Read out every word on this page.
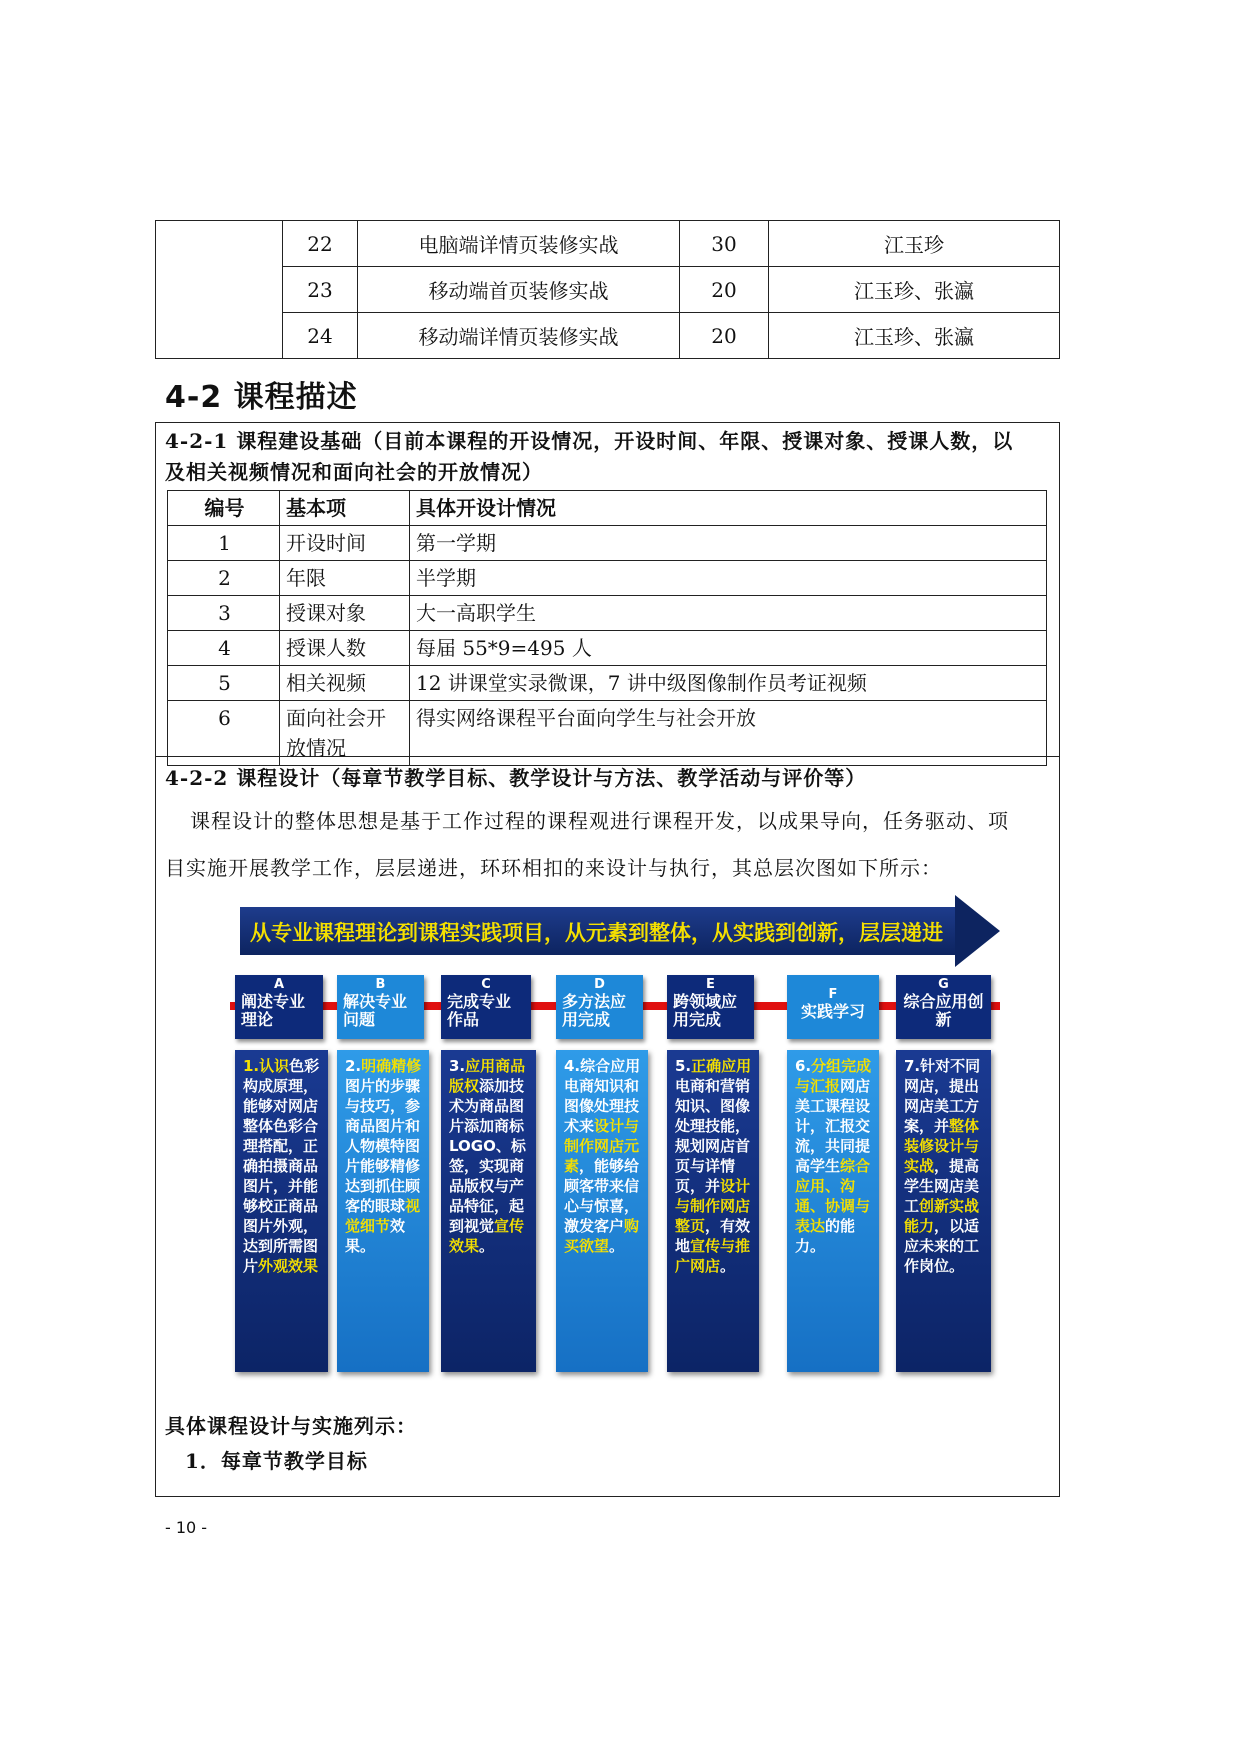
	22	电脑端详情页装修实战	30	江玉珍
	23	移动端首页装修实战	20	江玉珍、张瀛
	24	移动端详情页装修实战	20	江玉珍、张瀛
4-2 课程描述
4-2-1 课程建设基础（目前本课程的开设情况，开设时间、年限、授课对象、授课人数，以
及相关视频情况和面向社会的开放情况）
编号	基本项	具体开设计情况
1	开设时间	第一学期
2	年限	半学期
3	授课对象	大一高职学生
4	授课人数	每届 55*9=495 人
5	相关视频	12 讲课堂实录微课，7 讲中级图像制作员考证视频
6	面向社会开放情况	得实网络课程平台面向学生与社会开放
4-2-2 课程设计（每章节教学目标、教学设计与方法、教学活动与评价等）
课程设计的整体思想是基于工作过程的课程观进行课程开发，以成果导向，任务驱动、项
目实施开展教学工作，层层递进，环环相扣的来设计与执行，其总层次图如下所示：
从专业课程理论到课程实践项目，从元素到整体，从实践到创新，层层递进
A
阐述专业理论
B
解决专业问题
C
完成专业作品
D
多方法应用完成
E
跨领域应用完成
F
实践学习
G
综合应用创新
1.认识色彩构成原理，能够对网店整体色彩合理搭配，正确拍摄商品图片，并能够校正商品图片外观，达到所需图片外观效果
2.明确精修图片的步骤与技巧，参商品图片和人物模特图片能够精修达到抓住顾客的眼球视觉细节效果。
3.应用商品版权添加技术为商品图片添加商标LOGO、标签，实现商品版权与产品特征，起到视觉宣传效果。
4.综合应用电商知识和图像处理技术来设计与制作网店元素，能够给顾客带来信心与惊喜，激发客户购买欲望。
5.正确应用电商和营销知识、图像处理技能，规划网店首页与详情页，并设计与制作网店整页，有效地宣传与推广网店。
6.分组完成与汇报网店美工课程设计，汇报交流，共同提高学生综合应用、沟通、协调与表达的能力。
7.针对不同网店，提出网店美工方案，并整体装修设计与实战，提高学生网店美工创新实战能力，以适应未来的工作岗位。
具体课程设计与实施列示：
1．每章节教学目标
- 10 -
